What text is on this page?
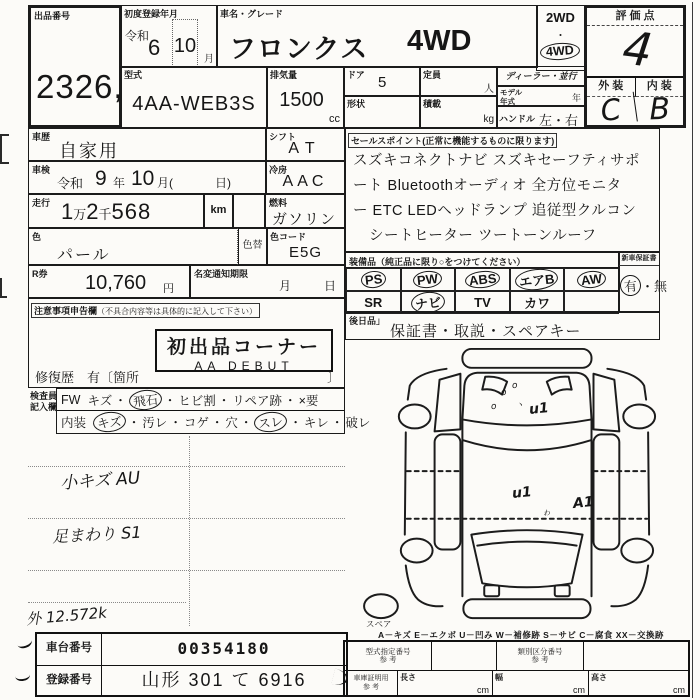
出品番号
2326,
初度登録年月
令和
6 10
月
車名・グレード
フロンクス 4WD
2WD
・
4WD
評 価 点
4
外 装	内 装
C B
型式
4AA-WEB3S
排気量
1500
cc
ドア 5
形状
定員
人
積載
kg
ディーラー・並行
モデル
年式	年
ハンドル 左・右
車歴
自家用
シフト
AT
車検
令和 9 年 10 月(	日)
冷房
AAC
走行 1 万 2 千 568	km
燃料
ガソリン
色
パール
色替
色コード
E5G
R券 10,760 円
名変通知期限
月	日
注意事項申告欄（不具合内容等は具体的に記入して下さい）
初出品コーナー
AA DEBUT
修復歴　有〔箇所	〕
セールスポイント(正常に機能するものに限ります)
スズキコネクトナビ スズキセーフティサポ
ート Bluetoothオーディオ 全方位モニタ
ー ETC LEDヘッドランプ 追従型クルコン
シートヒーター ツートーンルーフ
装備品（純正品に限り○をつけてください）
PS	PW	ABS	エアB	AW
SR	ナビ	TV	カワ
新車保証書
有 ・無
後日品」
保証書・取説・スペアキー
検査員
記入欄
FW キズ ・ 飛石 ・ ヒビ割 ・ リペア跡 ・ ×要
内装 キズ ・ 汚レ ・ コゲ ・ 穴 ・ スレ ・ キレ ・ 破レ
小キズ AU
足まわり S1
外 12.572k	スペア
o
o
o 丶 u1
u1
ゎ
A1
A－キズ E－エクボ U－凹み W－補修跡 S－サビ C－腐食 XX－交換跡
車台番号	00354180
登録番号	山形 301 て 6916
型式指定番号
参 考
類別区分番号
参 考
車庫証明用
参 考
長さ
cm
幅
cm
高さ
cm
